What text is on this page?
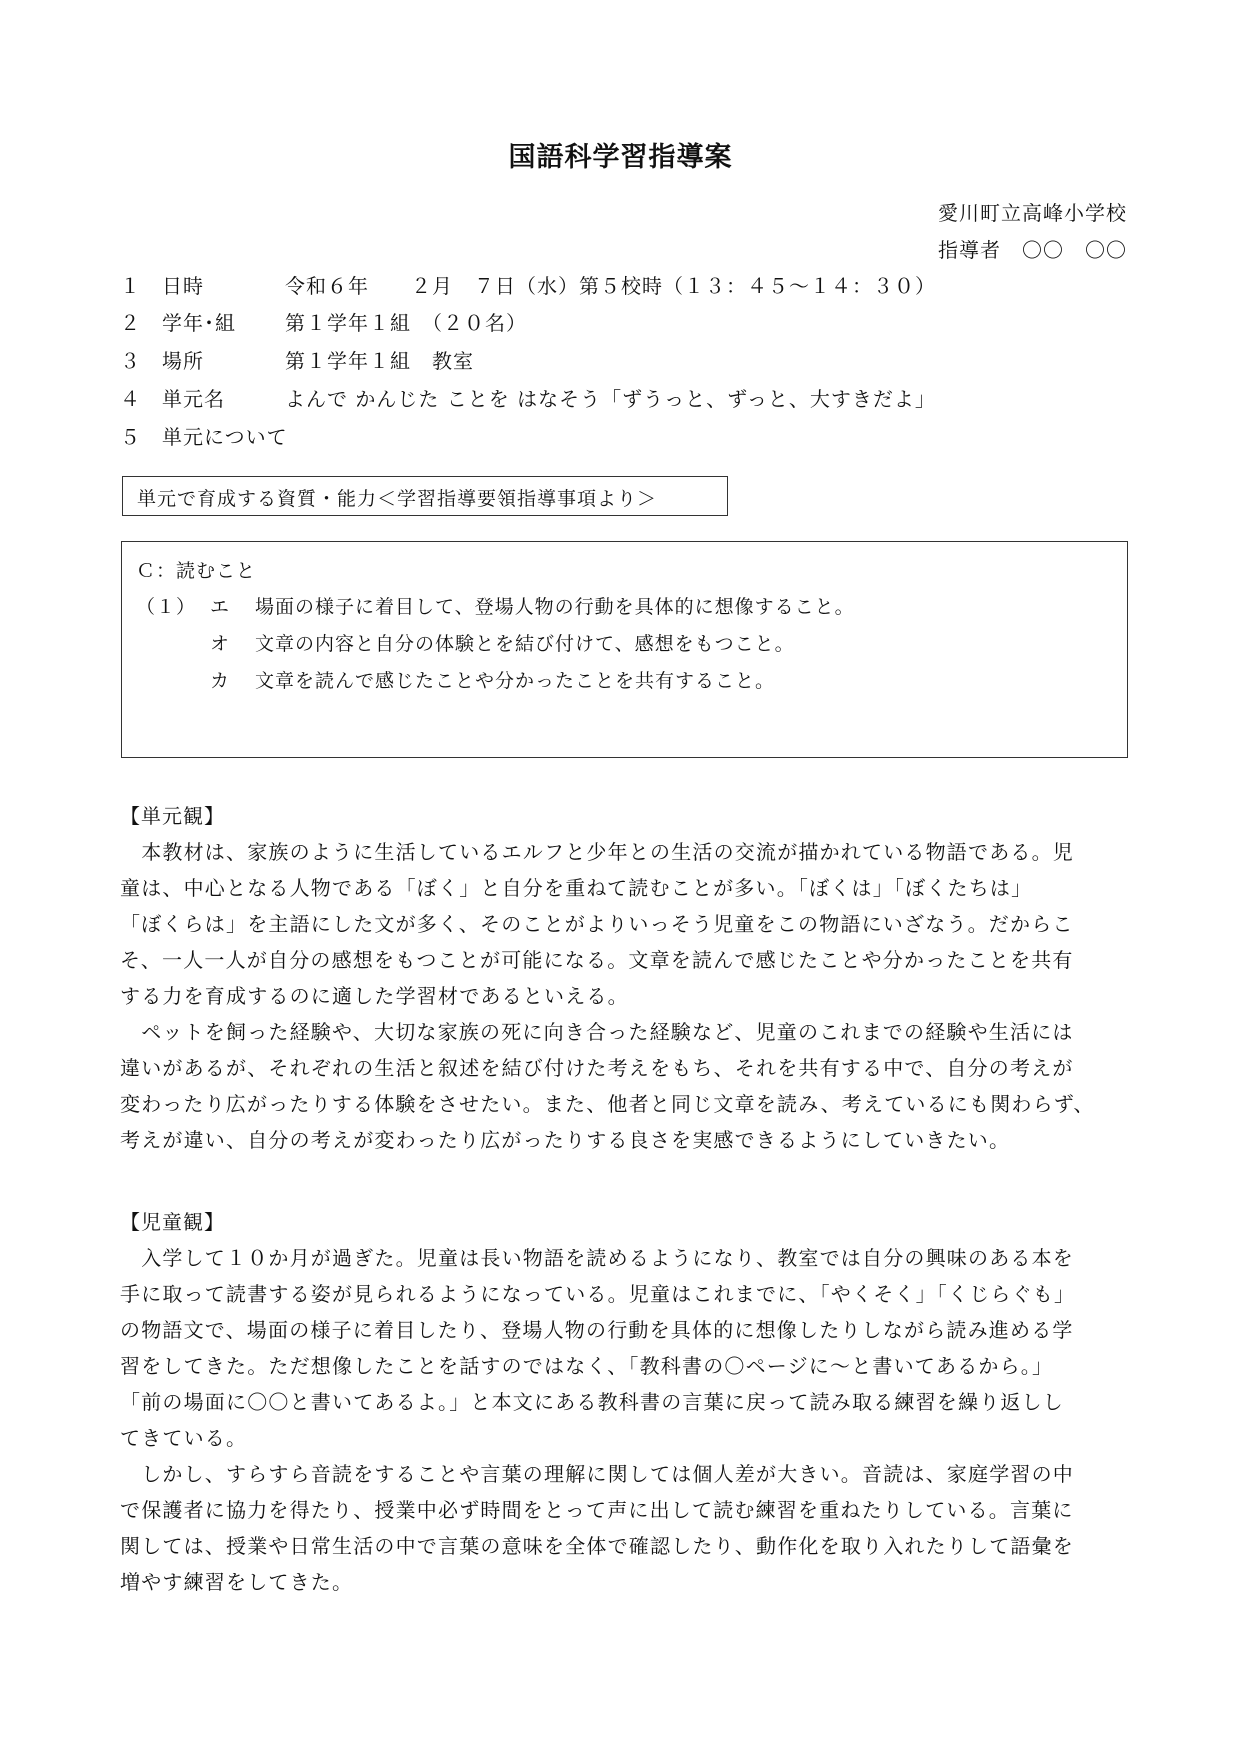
国語科学習指導案
愛川町立高峰小学校
指導者　〇〇　〇〇
１ 日時	令和６年　　２月　７日（水）第５校時（１３：４５～１４：３０）
２ 学年･組 第１学年１組　（２０名）
３ 場所	第１学年１組　教室
４ 単元名	よんで かんじた ことを はなそう「ずうっと、ずっと、大すきだよ」
５ 単元について
単元で育成する資質・能力＜学習指導要領指導事項より＞
Ｃ：読むこと
（１） エ 場面の様子に着目して、登場人物の行動を具体的に想像すること。
オ 文章の内容と自分の体験とを結び付けて、感想をもつこと。
カ 文章を読んで感じたことや分かったことを共有すること。
【単元観】
　本教材は、家族のように生活しているエルフと少年との生活の交流が描かれている物語である。児
童は、中心となる人物である「ぼく」と自分を重ねて読むことが多い。「ぼくは」「ぼくたちは」
「ぼくらは」を主語にした文が多く、そのことがよりいっそう児童をこの物語にいざなう。だからこ
そ、一人一人が自分の感想をもつことが可能になる。文章を読んで感じたことや分かったことを共有
する力を育成するのに適した学習材であるといえる。
　ペットを飼った経験や、大切な家族の死に向き合った経験など、児童のこれまでの経験や生活には
違いがあるが、それぞれの生活と叙述を結び付けた考えをもち、それを共有する中で、自分の考えが
変わったり広がったりする体験をさせたい。また、他者と同じ文章を読み、考えているにも関わらず、
考えが違い、自分の考えが変わったり広がったりする良さを実感できるようにしていきたい。
【児童観】
　入学して１０か月が過ぎた。児童は長い物語を読めるようになり、教室では自分の興味のある本を
手に取って読書する姿が見られるようになっている。児童はこれまでに、「やくそく」「くじらぐも」
の物語文で、場面の様子に着目したり、登場人物の行動を具体的に想像したりしながら読み進める学
習をしてきた。ただ想像したことを話すのではなく、「教科書の〇ページに～と書いてあるから。」
「前の場面に〇〇と書いてあるよ。」と本文にある教科書の言葉に戻って読み取る練習を繰り返しし
てきている。
　しかし、すらすら音読をすることや言葉の理解に関しては個人差が大きい。音読は、家庭学習の中
で保護者に協力を得たり、授業中必ず時間をとって声に出して読む練習を重ねたりしている。言葉に
関しては、授業や日常生活の中で言葉の意味を全体で確認したり、動作化を取り入れたりして語彙を
増やす練習をしてきた。
